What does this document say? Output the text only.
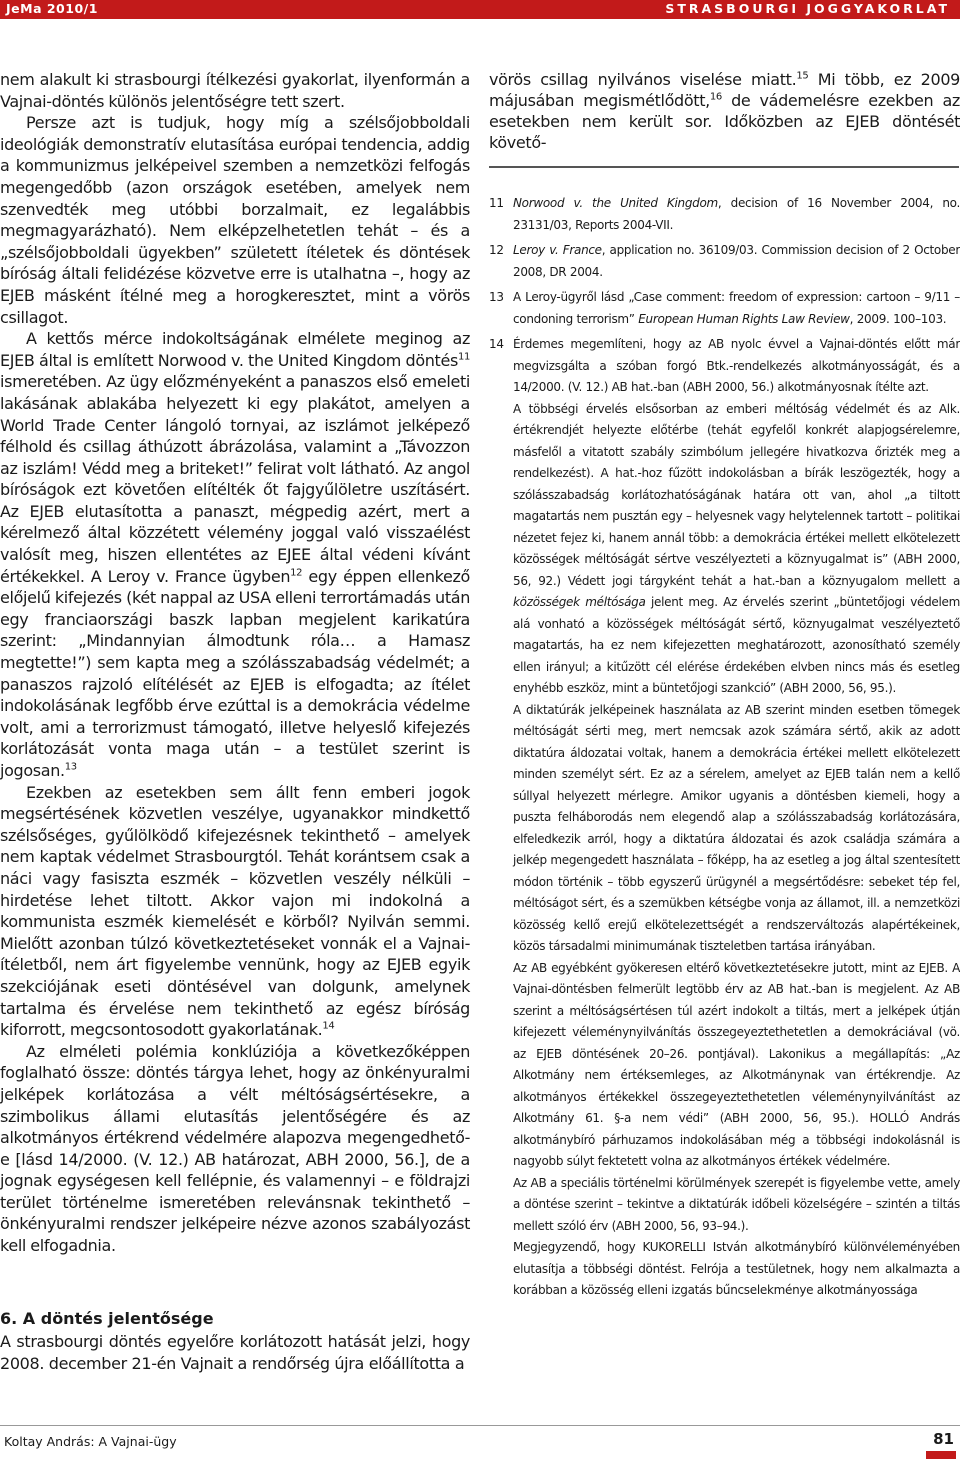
JeMa 2010/1	STRASBOURGI JOGGYAKORLAT

nem alakult ki strasbourgi ítélkezési gyakorlat, ilyenformán a Vajnai-döntés különös jelentőségre tett szert.

Persze azt is tudjuk, hogy míg a szélsőjobboldali ideológiák demonstratív elutasítása európai tendencia, addig a kommunizmus jelképeivel szemben a nemzetközi felfogás megengedőbb (azon országok esetében, amelyek nem szenvedték meg utóbbi borzalmait, ez legalábbis megmagyarázható). Nem elképzelhetetlen tehát – és a „szélsőjobboldali ügyekben” született ítéletek és döntések bíróság általi felidézése közvetve erre is utalhatna –, hogy az EJEB másként ítélné meg a horogkeresztet, mint a vörös csillagot.

A kettős mérce indokoltságának elmélete meginog az EJEB által is említett Norwood v. the United Kingdom döntés$^{11}$ ismeretében. Az ügy előzményeként a panaszos első emeleti lakásának ablakába helyezett ki egy plakátot, amelyen a World Trade Center lángoló tornyai, az iszlámot jelképező félhold és csillag áthúzott ábrázolása, valamint a „Távozzon az iszlám! Védd meg a briteket!” felirat volt látható. Az angol bíróságok ezt követően elítélték őt fajgyűlöletre uszításért. Az EJEB elutasította a panaszt, mégpedig azért, mert a kérelmező által közzétett vélemény joggal való visszaélést valósít meg, hiszen ellentétes az EJEE által védeni kívánt értékekkel. A Leroy v. France ügyben$^{12}$ egy éppen ellenkező előjelű kifejezés (két nappal az USA elleni terrortámadás után egy franciaországi baszk lapban megjelent karikatúra szerint: „Mindannyian álmodtunk róla… a Hamasz megtette!”) sem kapta meg a szólásszabadság védelmét; a panaszos rajzoló elítélését az EJEB is elfogadta; az ítélet indokolásának legfőbb érve ezúttal is a demokrácia védelme volt, ami a terrorizmust támogató, illetve helyeslő kifejezés korlátozását vonta maga után – a testület szerint is jogosan.$^{13}$

Ezekben az esetekben sem állt fenn emberi jogok megsértésének közvetlen veszélye, ugyanakkor mindkettő szélsőséges, gyűlölködő kifejezésnek tekinthető – amelyek nem kaptak védelmet Strasbourgtól. Tehát korántsem csak a náci vagy fasiszta eszmék – közvetlen veszély nélküli – hirdetése lehet tiltott. Akkor vajon mi indokolná a kommunista eszmék kiemelését e körből? Nyilván semmi. Mielőtt azonban túlzó következtetéseket vonnák el a Vajnai-ítéletből, nem árt figyelembe vennünk, hogy az EJEB egyik szekciójának eseti döntésével van dolgunk, amelynek tartalma és érvelése nem tekinthető az egész bíróság kiforrott, megcsontosodott gyakorlatának.$^{14}$

Az elméleti polémia konklúziója a következőképpen foglalható össze: döntés tárgya lehet, hogy az önkényuralmi jelképek korlátozása a vélt méltóságsértésekre, a szimbolikus állami elutasítás jelentőségére és az alkotmányos értékrend védelmére alapozva megengedhető-e [lásd 14/2000. (V. 12.) AB határozat, ABH 2000, 56.], de a jognak egységesen kell fellépnie, és valamennyi – e földrajzi terület történelme ismeretében relevánsnak tekinthető – önkényuralmi rendszer jelképeire nézve azonos szabályozást kell elfogadnia.

6. A döntés jelentősége

A strasbourgi döntés egyelőre korlátozott hatását jelzi, hogy 2008. december 21-én Vajnait a rendőrség újra előállította a

vörös csillag nyilvános viselése miatt.$^{15}$ Mi több, ez 2009 májusában megismétlődött,$^{16}$ de vádemelésre ezekben az esetekben nem került sor. Időközben az EJEB döntését követő-

11 Norwood v. the United Kingdom, decision of 16 November 2004, no. 23131/03, Reports 2004-VII.

12 Leroy v. France, application no. 36109/03. Commission decision of 2 October 2008, DR 2004.

13 A Leroy-ügyről lásd „Case comment: freedom of expression: cartoon – 9/11 – condoning terrorism” European Human Rights Law Review, 2009. 100–103.

14 Érdemes megemlíteni, hogy az AB nyolc évvel a Vajnai-döntés előtt már megvizsgálta a szóban forgó Btk.-rendelkezés alkotmányosságát, és a 14/2000. (V. 12.) AB hat.-ban (ABH 2000, 56.) alkotmányosnak ítélte azt.

A többségi érvelés elsősorban az emberi méltóság védelmét és az Alk. értékrendjét helyezte előtérbe (tehát egyfelől konkrét alapjogsérelemre, másfelől a vitatott szabály szimbólum jellegére hivatkozva őrizték meg a rendelkezést). A hat.-hoz fűzött indokolásban a bírák leszögezték, hogy a szólásszabadság korlátozhatóságának határa ott van, ahol „a tiltott magatartás nem pusztán egy – helyesnek vagy helytelennek tartott – politikai nézetet fejez ki, hanem annál több: a demokrácia értékei mellett elkötelezett közösségek méltóságát sértve veszélyezteti a köznyugalmat is” (ABH 2000, 56, 92.) Védett jogi tárgyként tehát a hat.-ban a köznyugalom mellett a közösségek méltósága jelent meg. Az érvelés szerint „büntetőjogi védelem alá vonható a közösségek méltóságát sértő, köznyugalmat veszélyeztető magatartás, ha ez nem kifejezetten meghatározott, azonosítható személy ellen irányul; a kitűzött cél elérése érdekében elvben nincs más és esetleg enyhébb eszköz, mint a büntetőjogi szankció” (ABH 2000, 56, 95.).

A diktatúrák jelképeinek használata az AB szerint minden esetben tömegek méltóságát sérti meg, mert nemcsak azok számára sértő, akik az adott diktatúra áldozatai voltak, hanem a demokrácia értékei mellett elkötelezett minden személyt sért. Ez az a sérelem, amelyet az EJEB talán nem a kellő súllyal helyezett mérlegre. Amikor ugyanis a döntésben kiemeli, hogy a puszta felháborodás nem elegendő alap a szólásszabadság korlátozására, elfeledkezik arról, hogy a diktatúra áldozatai és azok családja számára a jelkép megengedett használata – főképp, ha az esetleg a jog által szentesített módon történik – több egyszerű ürügynél a megsértődésre: sebeket tép fel, méltóságot sért, és a szemükben kétségbe vonja az államot, ill. a nemzetközi közösség kellő erejű elkötelezettségét a rendszerváltozás alapértékeinek, közös társadalmi minimumának tiszteletben tartása irányában.

Az AB egyébként gyökeresen eltérő következtetésekre jutott, mint az EJEB. A Vajnai-döntésben felmerült legtöbb érv az AB hat.-ban is megjelent. Az AB szerint a méltóságsértésen túl azért indokolt a tiltás, mert a jelképek útján kifejezett véleménynyilvánítás összegeyeztethetetlen a demokráciával (vö. az EJEB döntésének 20–26. pontjával). Lakonikus a megállapítás: „Az Alkotmány nem értéksemleges, az Alkotmánynak van értékrendje. Az alkotmányos értékekkel összegeyeztethetetlen véleménynyilvánítást az Alkotmány 61. §-a nem védi” (ABH 2000, 56, 95.). HOLLÓ András alkotmánybíró párhuzamos indokolásában még a többségi indokolásnál is nagyobb súlyt fektetett volna az alkotmányos értékek védelmére.

Az AB a speciális történelmi körülmények szerepét is figyelembe vette, amely a döntése szerint – tekintve a diktatúrák időbeli közelségére – szintén a tiltás mellett szóló érv (ABH 2000, 56, 93–94.).

Megjegyzendő, hogy KUKORELLI István alkotmánybíró különvéleményében elutasítja a többségi döntést. Felrója a testületnek, hogy nem alkalmazta a korábban a közösség elleni izgatás bűncselekménye alkotmányossága

Koltay András: A Vajnai-ügy	81
